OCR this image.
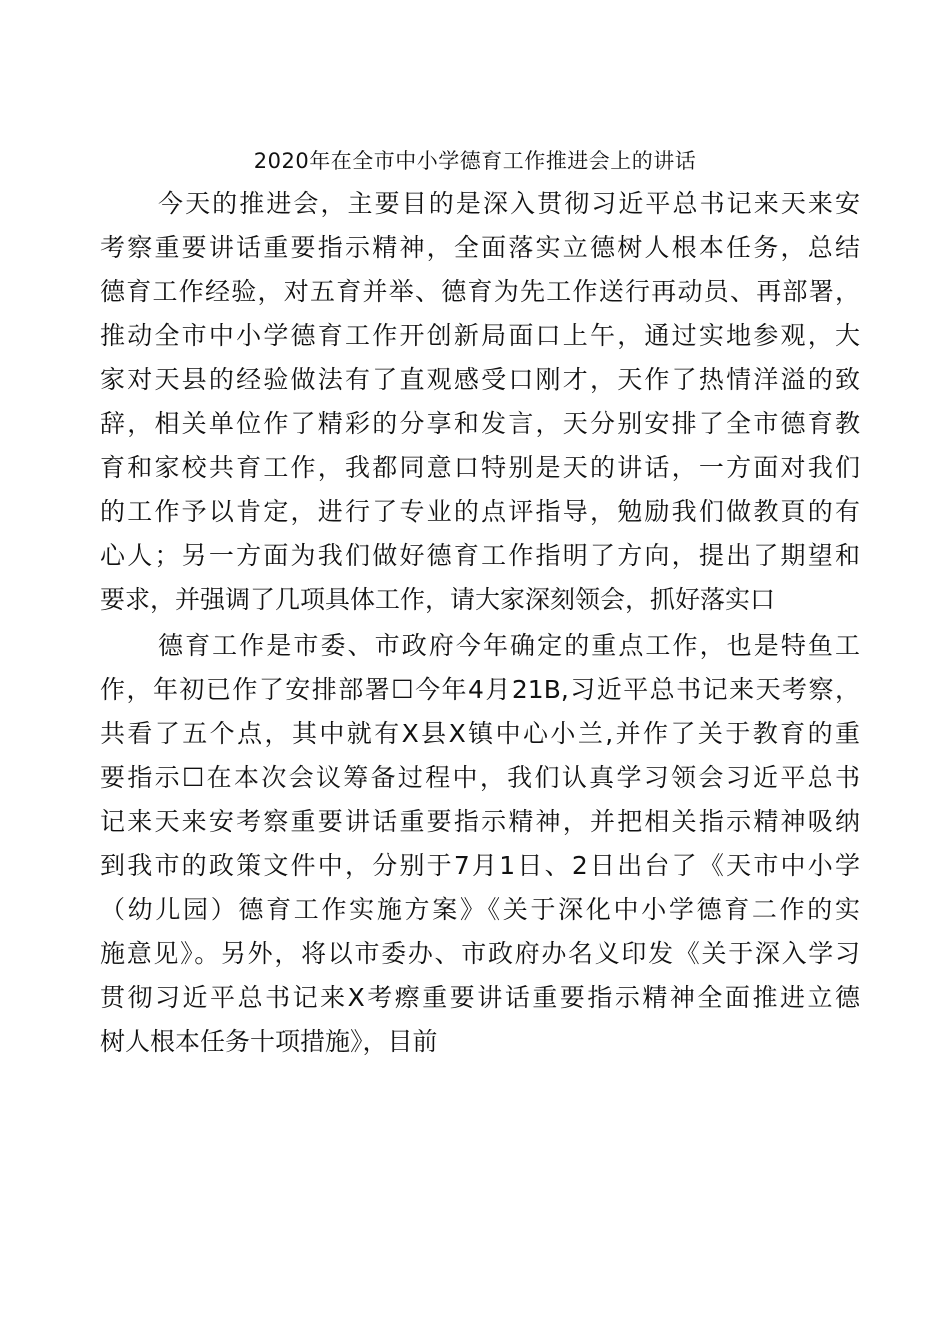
2020年在全市中小学德育工作推进会上的讲话
今天的推进会，主要目的是深入贯彻习近平总书记来天来安
考察重要讲话重要指示精神，全面落实立德树人根本任务，总结
德育工作经验，对五育并举、德育为先工作送行再动员、再部署，
推动全市中小学德育工作开创新局面口上午，通过实地参观，大
家对天县的经验做法有了直观感受口刚才，天作了热情洋溢的致
辞，相关单位作了精彩的分享和发言，天分别安排了全市德育教
育和家校共育工作，我都同意口特别是天的讲话，一方面对我们
的工作予以肯定，进行了专业的点评指导，勉励我们做教頁的有
心人；另一方面为我们做好德育工作指明了方向，提出了期望和
要求，并强调了几项具体工作，请大家深刻领会，抓好落实口
德育工作是市委、市政府今年确定的重点工作，也是特鱼工
作，年初已作了安排部署☐今年4月21B,习近平总书记来天考察，
共看了五个点，其中就有X县X镇中心小兰,并作了关于教育的重
要指示☐在本次会议筹备过程中，我们认真学习领会习近平总书
记来天来安考察重要讲话重要指示精神，并把相关指示精神吸纳
到我市的政策文件中，分别于7月1日、2日出台了《天市中小学
（幼儿园）德育工作实施方案》《关于深化中小学德育二作的实
施意见》。另外，将以市委办、市政府办名义印发《关于深入学习
贯彻习近平总书记来X考瘵重要讲话重要指示精神全面推进立德
树人根本任务十项措施》，目前
